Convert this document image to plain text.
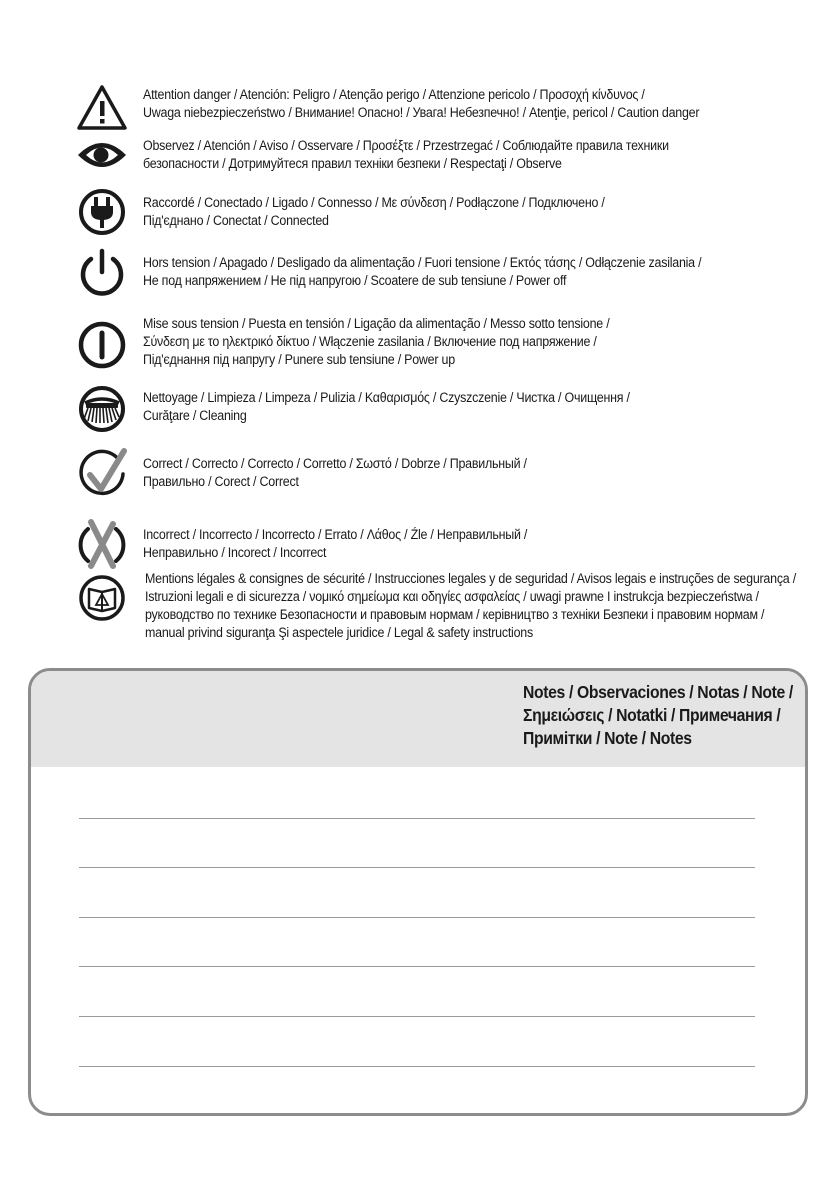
Attention danger / Atención: Peligro / Atenção perigo / Attenzione pericolo / Προσοχή κίνδυνος /
Uwaga niebezpieczeństwo / Внимание! Опасно! / Увага! Небезпечно! / Atenţie, pericol / Caution danger
Observez / Atención / Aviso / Osservare / Προσέξτε / Przestrzegać / Соблюдайте правила техники
безопасности / Дотримуйтеся правил техніки безпеки / Respectaţi / Observe
Raccordé / Conectado / Ligado / Connesso / Με σύνδεση / Podłączone / Подключено /
Під'єднано / Conectat / Connected
Hors tension / Apagado / Desligado da alimentação / Fuori tensione / Εκτός τάσης / Odłączenie zasilania /
Не под напряжением / Не під напругою / Scoatere de sub tensiune / Power off
Mise sous tension / Puesta en tensión / Ligação da alimentação / Messo sotto tensione /
Σύνδεση με το ηλεκτρικό δίκτυο / Włączenie zasilania / Включение под напряжение /
Під'єднання під напругу / Punere sub tensiune / Power up
Nettoyage / Limpieza / Limpeza / Pulizia / Καθαρισμός / Czyszczenie / Чистка / Очищення /
Curăţare / Cleaning
Correct / Correcto / Correcto / Corretto / Σωστό / Dobrze / Правильный /
Правильно / Corect / Correct
Incorrect / Incorrecto / Incorrecto / Errato / Λάθος / Źle / Неправильный /
Неправильно / Incorect / Incorrect
Mentions légales & consignes de sécurité / Instrucciones legales y de seguridad / Avisos legais e instruções de segurança /
Istruzioni legali e di sicurezza / νομικό σημείωμα και οδηγίες ασφαλείας / uwagi prawne I instrukcja bezpieczeństwa /
руководство по технике Безопасности и правовым нормам / керівництво з техніки Безпеки і правовим нормам /
manual privind siguranţa Şi aspectele juridice / Legal & safety instructions
Notes / Observaciones / Notas / Note /
Σημειώσεις / Notatki / Примечания /
Примітки / Note / Notes
